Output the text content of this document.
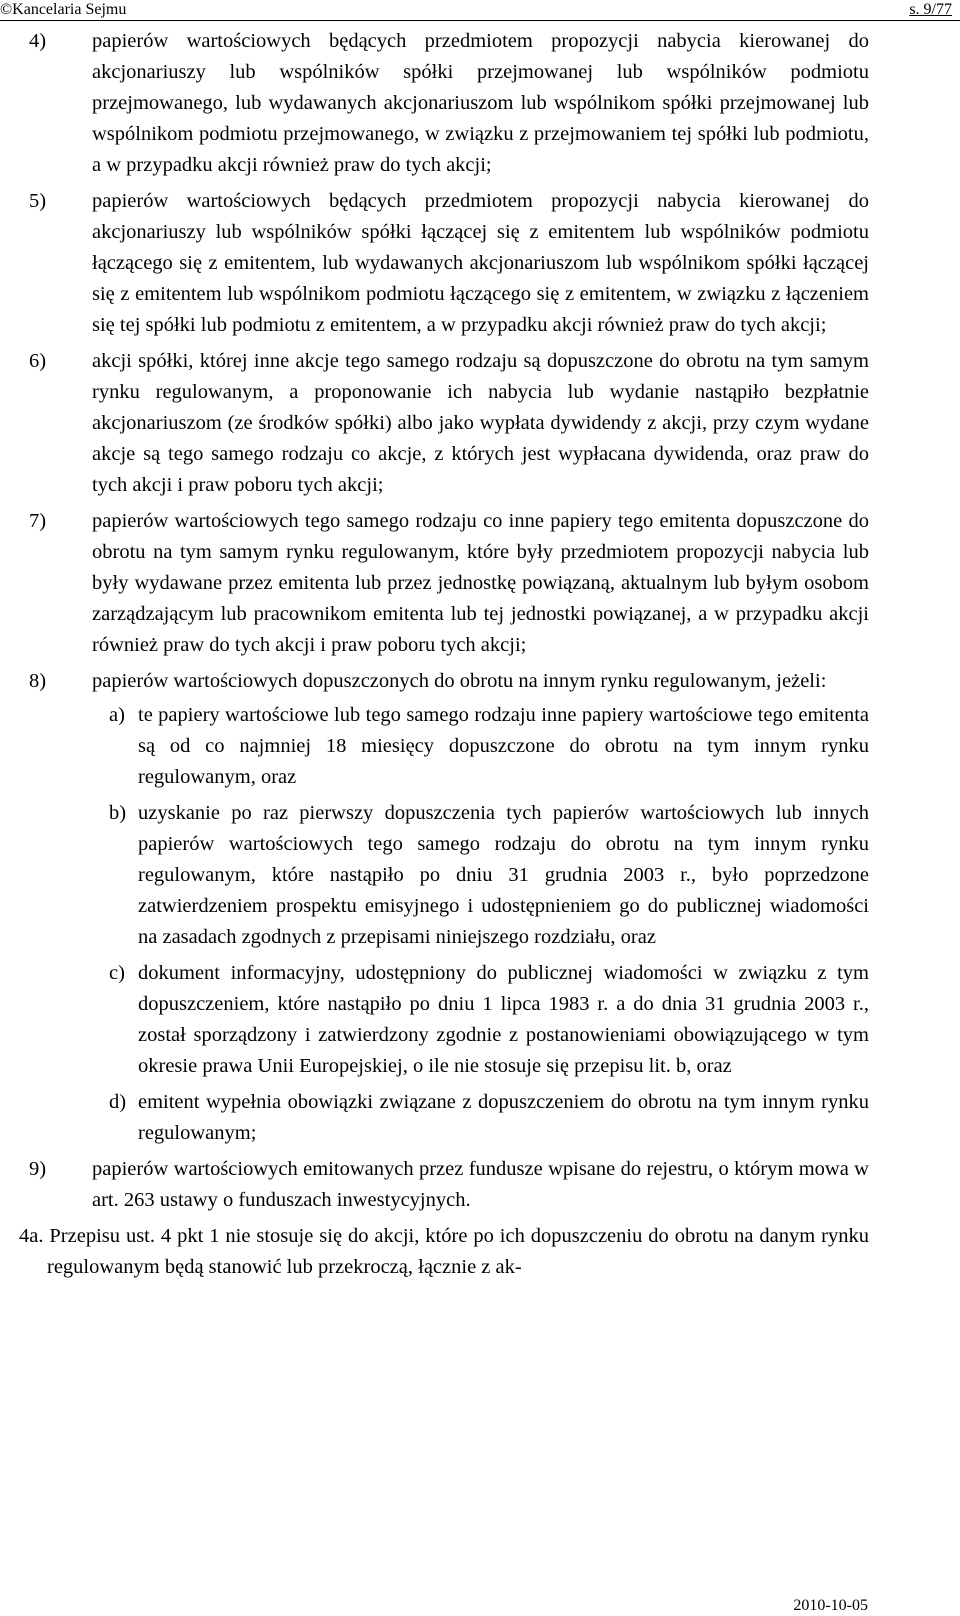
©Kancelaria Sejmu	s. 9/77
4) papierów wartościowych będących przedmiotem propozycji nabycia kierowanej do akcjonariuszy lub wspólników spółki przejmowanej lub wspólników podmiotu przejmowanego, lub wydawanych akcjonariuszom lub wspólnikom spółki przejmowanej lub wspólnikom podmiotu przejmowanego, w związku z przejmowaniem tej spółki lub podmiotu, a w przypadku akcji również praw do tych akcji;
5) papierów wartościowych będących przedmiotem propozycji nabycia kierowanej do akcjonariuszy lub wspólników spółki łączącej się z emitentem lub wspólników podmiotu łączącego się z emitentem, lub wydawanych akcjonariuszom lub wspólnikom spółki łączącej się z emitentem lub wspólnikom podmiotu łączącego się z emitentem, w związku z łączeniem się tej spółki lub podmiotu z emitentem, a w przypadku akcji również praw do tych akcji;
6) akcji spółki, której inne akcje tego samego rodzaju są dopuszczone do obrotu na tym samym rynku regulowanym, a proponowanie ich nabycia lub wydanie nastąpiło bezpłatnie akcjonariuszom (ze środków spółki) albo jako wypłata dywidendy z akcji, przy czym wydane akcje są tego samego rodzaju co akcje, z których jest wypłacana dywidenda, oraz praw do tych akcji i praw poboru tych akcji;
7) papierów wartościowych tego samego rodzaju co inne papiery tego emitenta dopuszczone do obrotu na tym samym rynku regulowanym, które były przedmiotem propozycji nabycia lub były wydawane przez emitenta lub przez jednostkę powiązaną, aktualnym lub byłym osobom zarządzającym lub pracownikom emitenta lub tej jednostki powiązanej, a w przypadku akcji również praw do tych akcji i praw poboru tych akcji;
8) papierów wartościowych dopuszczonych do obrotu na innym rynku regulowanym, jeżeli:
a) te papiery wartościowe lub tego samego rodzaju inne papiery wartościowe tego emitenta są od co najmniej 18 miesięcy dopuszczone do obrotu na tym innym rynku regulowanym, oraz
b) uzyskanie po raz pierwszy dopuszczenia tych papierów wartościowych lub innych papierów wartościowych tego samego rodzaju do obrotu na tym innym rynku regulowanym, które nastąpiło po dniu 31 grudnia 2003 r., było poprzedzone zatwierdzeniem prospektu emisyjnego i udostępnieniem go do publicznej wiadomości na zasadach zgodnych z przepisami niniejszego rozdziału, oraz
c) dokument informacyjny, udostępniony do publicznej wiadomości w związku z tym dopuszczeniem, które nastąpiło po dniu 1 lipca 1983 r. a do dnia 31 grudnia 2003 r., został sporządzony i zatwierdzony zgodnie z postanowieniami obowiązującego w tym okresie prawa Unii Europejskiej, o ile nie stosuje się przepisu lit. b, oraz
d) emitent wypełnia obowiązki związane z dopuszczeniem do obrotu na tym innym rynku regulowanym;
9) papierów wartościowych emitowanych przez fundusze wpisane do rejestru, o którym mowa w art. 263 ustawy o funduszach inwestycyjnych.
4a. Przepisu ust. 4 pkt 1 nie stosuje się do akcji, które po ich dopuszczeniu do obrotu na danym rynku regulowanym będą stanowić lub przekroczą, łącznie z ak-
2010-10-05
